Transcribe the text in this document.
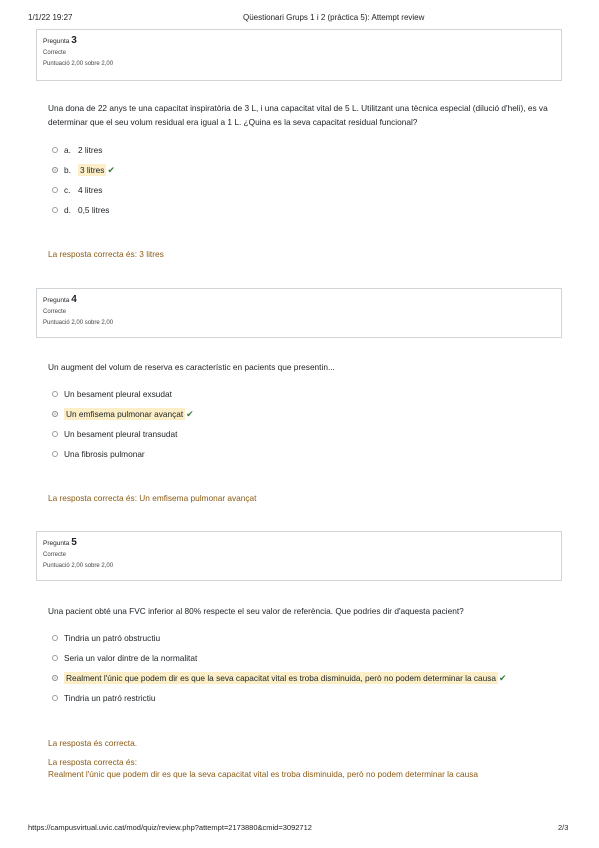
1/1/22 19:27	Qüestionari Grups 1 i 2 (pràctica 5): Attempt review
Pregunta 3
Correcte
Puntuació 2,00 sobre 2,00
Una dona de 22 anys te una capacitat inspiratòria de 3 L, i una capacitat vital de 5 L. Utilitzant una tècnica especial (dilució d'heli), es va determinar que el seu volum residual era igual a 1 L. ¿Quina es la seva capacitat residual funcional?
a. 2 litres
b.	3 litres ✔
c. 4 litres
d. 0,5 litres
La resposta correcta és: 3 litres
Pregunta 4
Correcte
Puntuació 2,00 sobre 2,00
Un augment del volum de reserva es característic en pacients que presentin...
Un besament pleural exsudat
Un emfisema pulmonar avançat ✔
Un besament pleural transudat
Una fibrosis pulmonar
La resposta correcta és: Un emfisema pulmonar avançat
Pregunta 5
Correcte
Puntuació 2,00 sobre 2,00
Una pacient obté una FVC inferior al 80% respecte el seu valor de referència. Que podries dir d'aquesta pacient?
Tindria un patró obstructiu
Seria un valor dintre de la normalitat
Realment l'únic que podem dir es que la seva capacitat vital es troba disminuida, però no podem determinar la causa ✔
Tindria un patró restrictiu
La resposta és correcta.
La resposta correcta és:
Realment l'únic que podem dir es que la seva capacitat vital es troba disminuida, però no podem determinar la causa
https://campusvirtual.uvic.cat/mod/quiz/review.php?attempt=2173880&cmid=3092712	2/3
